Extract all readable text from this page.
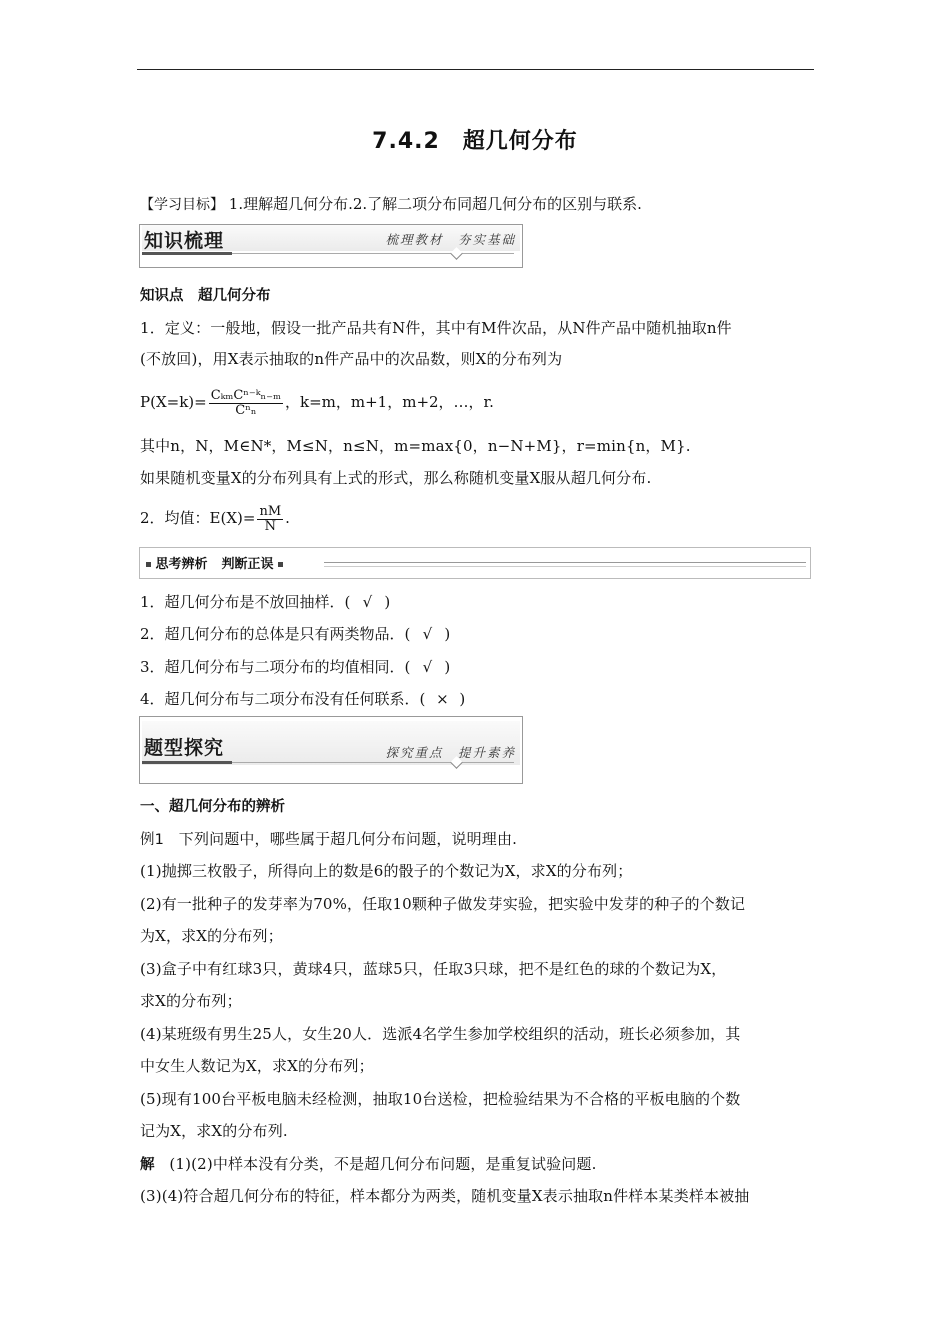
7.4.2　超几何分布
【学习目标】 1.理解超几何分布.2.了解二项分布同超几何分布的区别与联系.
知识梳理	梳理教材　夯实基础
知识点　超几何分布
1．定义：一般地，假设一批产品共有N件，其中有M件次品，从N件产品中随机抽取n件
(不放回)，用X表示抽取的n件产品中的次品数，则X的分布列为
$P(X=k)= \frac{\text{CₖₘCⁿ⁻ᵏₙ₋ₘ}}{\text{Cⁿₙ}}$ ，k=m，m+1，m+2，…，r.
其中n，N，M∈N*，M≤N，n≤N，m=max{0，n−N+M}，r=min{n，M}.
如果随机变量X的分布列具有上式的形式，那么称随机变量X服从超几何分布.
2．均值：$E(X)= \frac{nM}{N}$ .
思考辨析 判断正误
1．超几何分布是不放回抽样．( √ )
2．超几何分布的总体是只有两类物品．( √ )
3．超几何分布与二项分布的均值相同．( √ )
4．超几何分布与二项分布没有任何联系．( × )
题型探究	探究重点　提升素养
一、超几何分布的辨析
例1 下列问题中，哪些属于超几何分布问题，说明理由.
(1)抛掷三枚骰子，所得向上的数是6的骰子的个数记为X，求X的分布列；
(2)有一批种子的发芽率为70%，任取10颗种子做发芽实验，把实验中发芽的种子的个数记
为X，求X的分布列；
(3)盒子中有红球3只，黄球4只，蓝球5只，任取3只球，把不是红色的球的个数记为X，
求X的分布列；
(4)某班级有男生25人，女生20人．选派4名学生参加学校组织的活动，班长必须参加，其
中女生人数记为X，求X的分布列；
(5)现有100台平板电脑未经检测，抽取10台送检，把检验结果为不合格的平板电脑的个数
记为X，求X的分布列.
解 (1)(2)中样本没有分类，不是超几何分布问题，是重复试验问题.
(3)(4)符合超几何分布的特征，样本都分为两类，随机变量X表示抽取n件样本某类样本被抽
